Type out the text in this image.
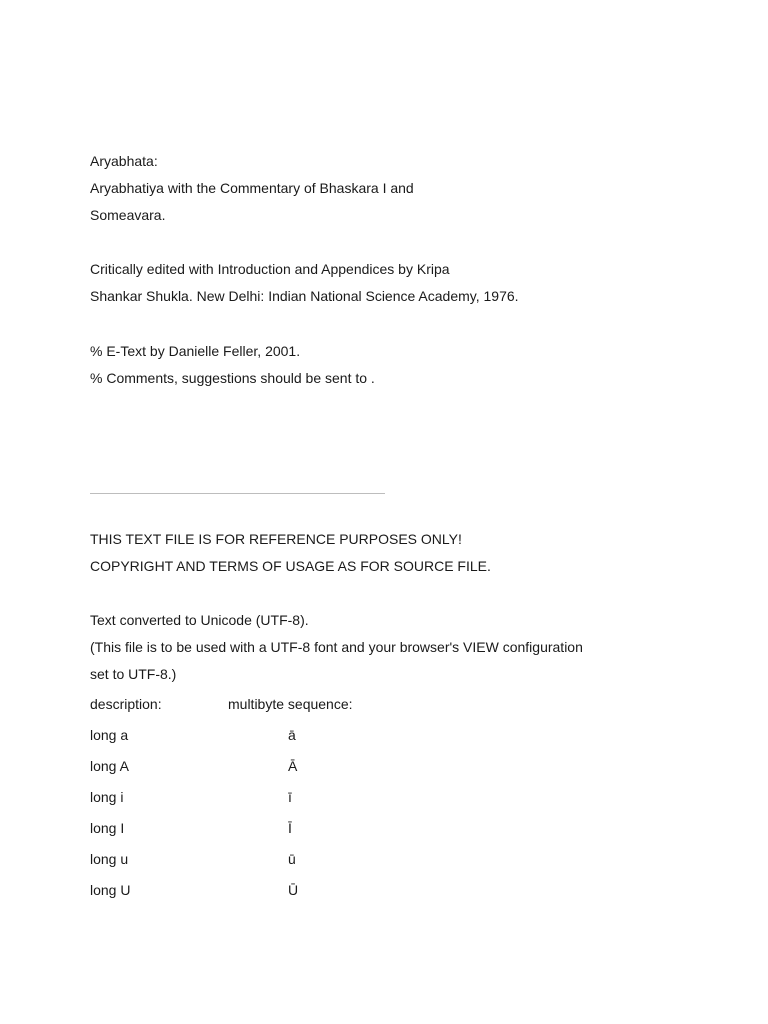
Aryabhata:
Aryabhatiya with the Commentary of Bhaskara I and
Someavara.
Critically edited with Introduction and Appendices by Kripa
Shankar Shukla. New Delhi: Indian National Science Academy, 1976.
% E-Text by Danielle Feller, 2001.
% Comments, suggestions should be sent to .
THIS TEXT FILE IS FOR REFERENCE PURPOSES ONLY!
COPYRIGHT AND TERMS OF USAGE AS FOR SOURCE FILE.
Text converted to Unicode (UTF-8).
(This file is to be used with a UTF-8 font and your browser's VIEW configuration
set to UTF-8.)
description:	multibyte sequence:
long a	ā
long A	Ā
long i	ī
long I	Ī
long u	ū
long U	Ū
